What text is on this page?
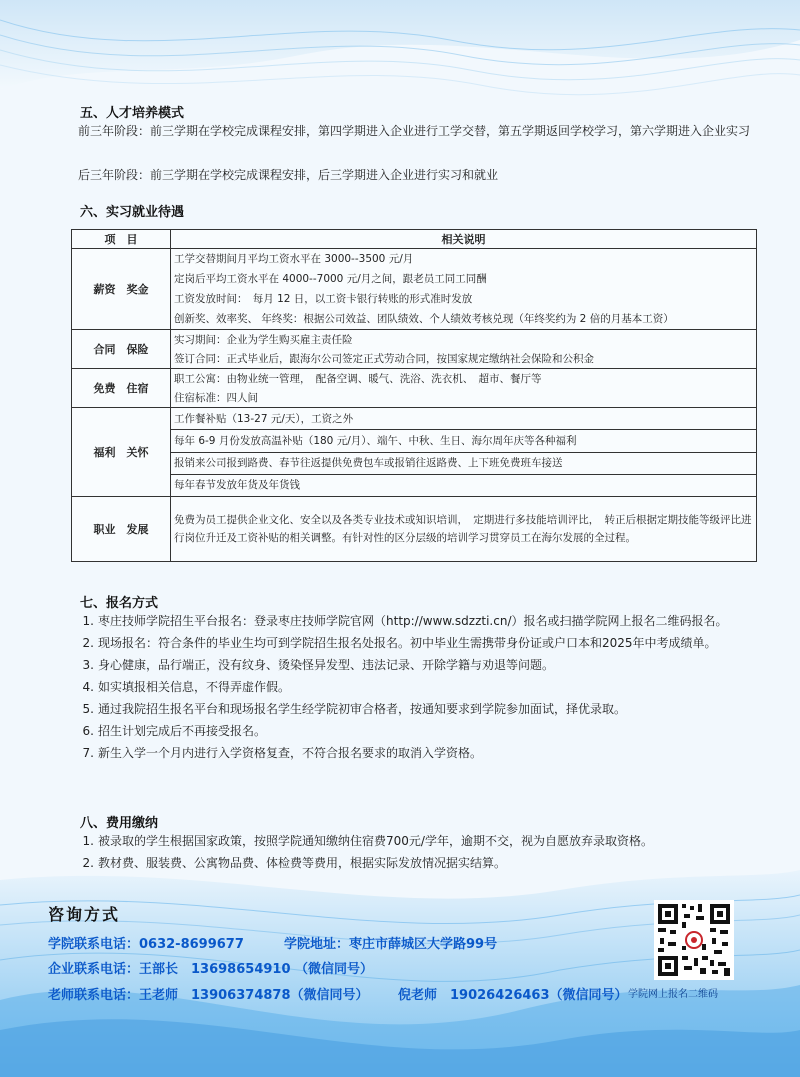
五、人才培养模式
前三年阶段：前三学期在学校完成课程安排，第四学期进入企业进行工学交替，第五学期返回学校学习，第六学期进入企业实习
后三年阶段：前三学期在学校完成课程安排，后三学期进入企业进行实习和就业
六、实习就业待遇
项　目	相关说明
薪资　奖金	工学交替期间月平均工资水平在 3000--3500 元/月
	定岗后平均工资水平在 4000--7000 元/月之间，跟老员工同工同酬
	工资发放时间：　每月 12 日，以工资卡银行转账的形式准时发放
	创新奖、效率奖、 年终奖：根据公司效益、团队绩效、个人绩效考核兑现（年终奖约为 2 倍的月基本工资）
合同　保险	实习期间：企业为学生购买雇主责任险
	签订合同：正式毕业后，跟海尔公司签定正式劳动合同，按国家规定缴纳社会保险和公积金
免费　住宿	职工公寓：由物业统一管理，　配备空调、暖气、洗浴、洗衣机、　超市、餐厅等
	住宿标准：四人间
福利　关怀	工作餐补贴（13-27 元/天），工资之外
	每年 6-9 月份发放高温补贴（180 元/月）、端午、中秋、生日、海尔周年庆等各种福利
	报销来公司报到路费、春节往返提供免费包车或报销往返路费、上下班免费班车接送
	每年春节发放年货及年货钱
职业　发展	免费为员工提供企业文化、安全以及各类专业技术或知识培训，　定期进行多技能培训评比，　转正后根据定期技能等级评比进行岗位升迁及工资补贴的相关调整。有针对性的区分层级的培训学习贯穿员工在海尔发展的全过程。
七、报名方式
1. 枣庄技师学院招生平台报名：登录枣庄技师学院官网（http://www.sdzzti.cn/）报名或扫描学院网上报名二维码报名。
2. 现场报名：符合条件的毕业生均可到学院招生报名处报名。初中毕业生需携带身份证或户口本和2025年中考成绩单。
3. 身心健康，品行端正，没有纹身、烫染怪异发型、违法记录、开除学籍与劝退等问题。
4. 如实填报相关信息，不得弄虚作假。
5. 通过我院招生报名平台和现场报名学生经学院初审合格者，按通知要求到学院参加面试，择优录取。
6. 招生计划完成后不再接受报名。
7. 新生入学一个月内进行入学资格复查，不符合报名要求的取消入学资格。
八、费用缴纳
1. 被录取的学生根据国家政策，按照学院通知缴纳住宿费700元/学年，逾期不交，视为自愿放弃录取资格。
2. 教材费、服装费、公寓物品费、体检费等费用，根据实际发放情况据实结算。
咨询方式
学院联系电话：0632-8699677	学院地址：枣庄市薛城区大学路99号
企业联系电话：王部长　13698654910 （微信同号）
老师联系电话：王老师　13906374878（微信同号） 倪老师　19026426463（微信同号） 学院网上报名二维码
